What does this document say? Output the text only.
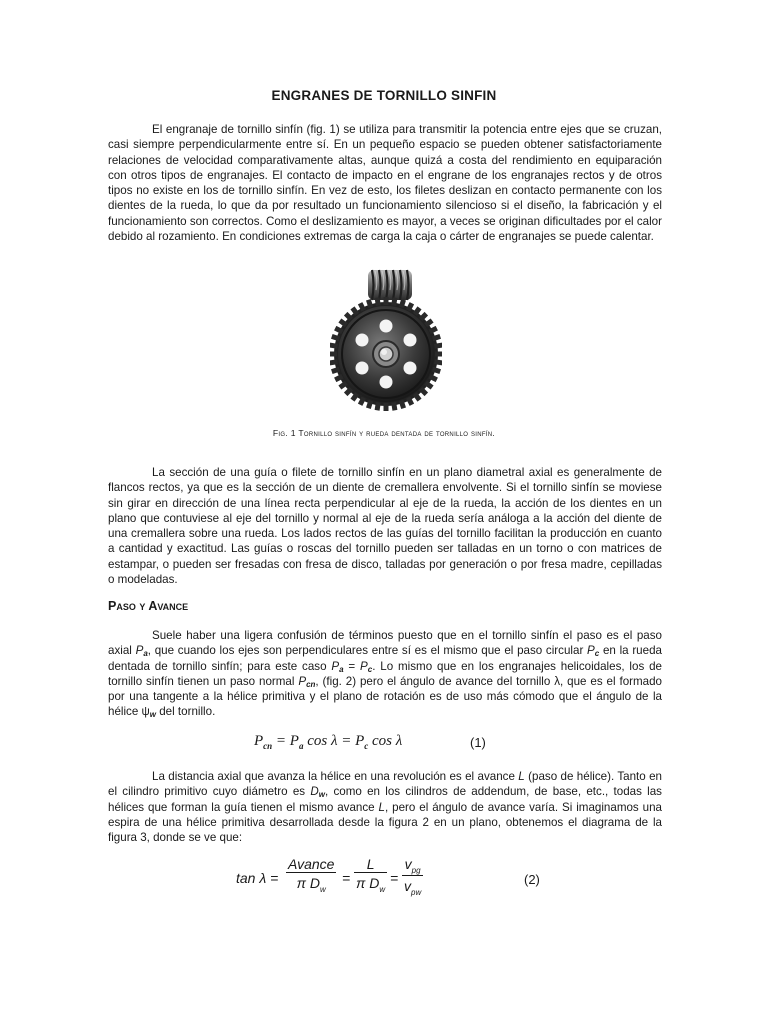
ENGRANES DE TORNILLO SINFIN

El engranaje de tornillo sinfín (fig. 1) se utiliza para transmitir la potencia entre ejes que se cruzan, casi siempre perpendicularmente entre sí. En un pequeño espacio se pueden obtener satisfactoriamente relaciones de velocidad comparativamente altas, aunque quizá a costa del rendimiento en equiparación con otros tipos de engranajes. El contacto de impacto en el engrane de los engranajes rectos y de otros tipos no existe en los de tornillo sinfín. En vez de esto, los filetes deslizan en contacto permanente con los dientes de la rueda, lo que da por resultado un funcionamiento silencioso si el diseño, la fabricación y el funcionamiento son correctos. Como el deslizamiento es mayor, a veces se originan dificultades por el calor debido al rozamiento. En condiciones extremas de carga la caja o cárter de engranajes se puede calentar.

Fig. 1 Tornillo sinfín y rueda dentada de tornillo sinfín.

La sección de una guía o filete de tornillo sinfín en un plano diametral axial es generalmente de flancos rectos, ya que es la sección de un diente de cremallera envolvente. Si el tornillo sinfín se moviese sin girar en dirección de una línea recta perpendicular al eje de la rueda, la acción de los dientes en un plano que contuviese al eje del tornillo y normal al eje de la rueda sería análoga a la acción del diente de una cremallera sobre una rueda. Los lados rectos de las guías del tornillo facilitan la producción en cuanto a cantidad y exactitud. Las guías o roscas del tornillo pueden ser talladas en un torno o con matrices de estampar, o pueden ser fresadas con fresa de disco, talladas por generación o por fresa madre, cepilladas o modeladas.

Paso y Avance

Suele haber una ligera confusión de términos puesto que en el tornillo sinfín el paso es el paso axial $P_a$, que cuando los ejes son perpendiculares entre sí es el mismo que el paso circular $P_c$ en la rueda dentada de tornillo sinfín; para este caso $P_a = P_c$. Lo mismo que en los engranajes helicoidales, los de tornillo sinfín tienen un paso normal $P_{cn}$, (fig. 2) pero el ángulo de avance del tornillo λ, que es el formado por una tangente a la hélice primitiva y el plano de rotación es de uso más cómodo que el ángulo de la hélice $\psi_w$ del tornillo.

$P_{cn} = P_a$ $\cos \lambda = P_c$ cos λ	(1)

La distancia axial que avanza la hélice en una revolución es el avance L (paso de hélice). Tanto en el cilindro primitivo cuyo diámetro es $D_w$, como en los cilindros de addendum, de base, etc., todas las hélices que forman la guía tienen el mismo avance L, pero el ángulo de avance varía. Si imaginamos una espira de una hélice primitiva desarrollada desde la figura 2 en un plano, obtenemos el diagrama de la figura 3, donde se ve que:

tan λ =
Avance
π $D_w$
= $\frac{L}{\pi D_w}$ =
$v_{pg}$
$v_{pw}$
(2)
